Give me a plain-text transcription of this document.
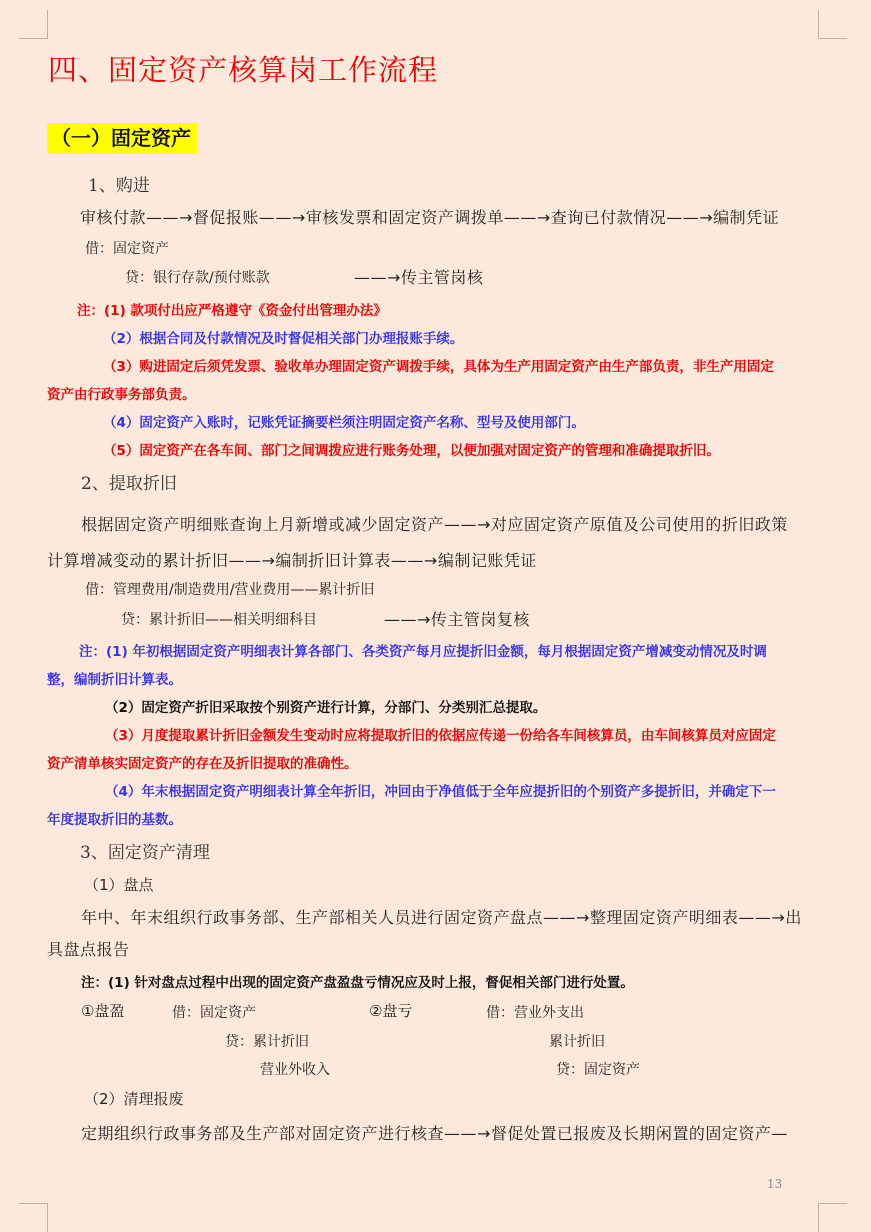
四、固定资产核算岗工作流程
（一）固定资产
1、购进
审核付款——→督促报账——→审核发票和固定资产调拨单——→查询已付款情况——→编制凭证
借：固定资产
贷：银行存款/预付账款	——→传主管岗核
注：(1) 款项付出应严格遵守《资金付出管理办法》
（2）根据合同及付款情况及时督促相关部门办理报账手续。
（3）购进固定后须凭发票、验收单办理固定资产调拨手续，具体为生产用固定资产由生产部负责，非生产用固定
资产由行政事务部负责。
（4）固定资产入账时，记账凭证摘要栏须注明固定资产名称、型号及使用部门。
（5）固定资产在各车间、部门之间调拨应进行账务处理，以便加强对固定资产的管理和准确提取折旧。
2、提取折旧
根据固定资产明细账查询上月新增或减少固定资产——→对应固定资产原值及公司使用的折旧政策
计算增减变动的累计折旧——→编制折旧计算表——→编制记账凭证
借：管理费用/制造费用/营业费用——累计折旧
贷：累计折旧——相关明细科目	——→传主管岗复核
注：(1) 年初根据固定资产明细表计算各部门、各类资产每月应提折旧金额，每月根据固定资产增减变动情况及时调
整，编制折旧计算表。
（2）固定资产折旧采取按个别资产进行计算，分部门、分类别汇总提取。
（3）月度提取累计折旧金额发生变动时应将提取折旧的依据应传递一份给各车间核算员，由车间核算员对应固定
资产清单核实固定资产的存在及折旧提取的准确性。
（4）年末根据固定资产明细表计算全年折旧，冲回由于净值低于全年应提折旧的个别资产多提折旧，并确定下一
年度提取折旧的基数。
3、固定资产清理
（1）盘点
年中、年末组织行政事务部、生产部相关人员进行固定资产盘点——→整理固定资产明细表——→出
具盘点报告
注：(1) 针对盘点过程中出现的固定资产盘盈盘亏情况应及时上报，督促相关部门进行处置。
①盘盈	借：固定资产
贷：累计折旧
营业外收入
②盘亏	借：营业外支出
累计折旧
贷：固定资产
（2）清理报废
定期组织行政事务部及生产部对固定资产进行核查——→督促处置已报废及长期闲置的固定资产—
13
